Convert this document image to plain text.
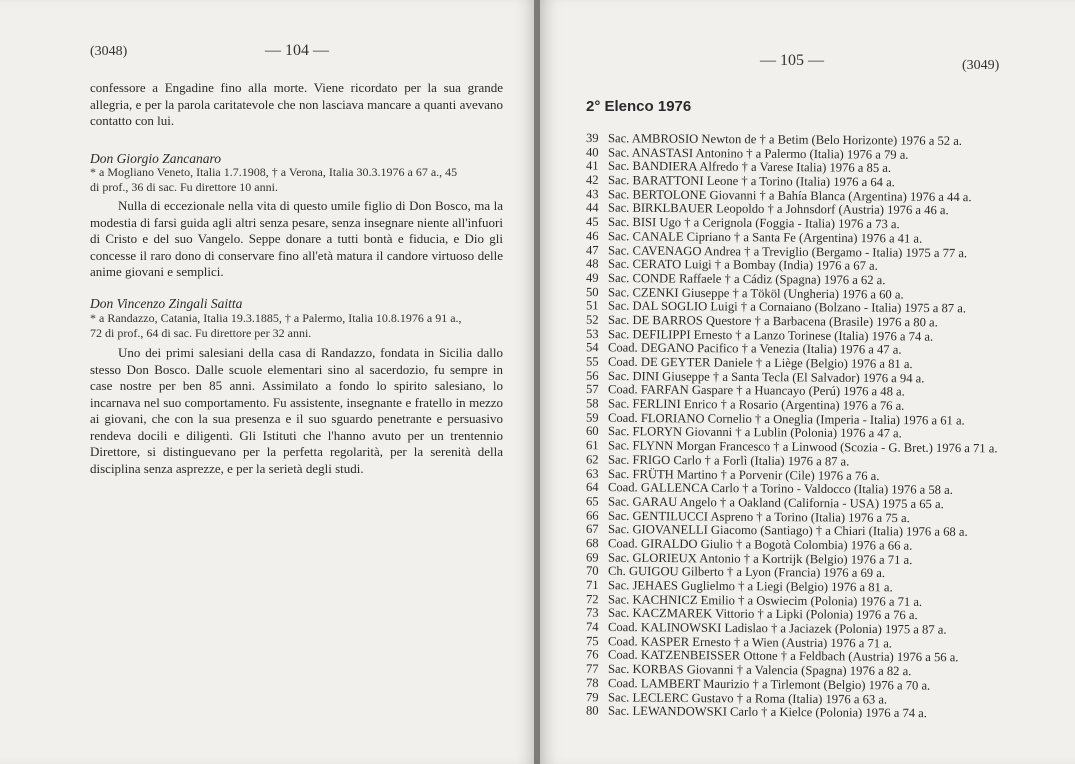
(3048)	— 104 —

confessore a Engadine fino alla morte. Viene ricordato per la sua grande allegria, e per la parola caritatevole che non lasciava mancare a quanti avevano contatto con lui.

Don Giorgio Zancanaro
* a Mogliano Veneto, Italia 1.7.1908, † a Verona, Italia 30.3.1976 a 67 a., 45
di prof., 36 di sac. Fu direttore 10 anni.

Nulla di eccezionale nella vita di questo umile figlio di Don Bosco, ma la modestia di farsi guida agli altri senza pesare, senza insegnare niente all'infuori di Cristo e del suo Vangelo. Seppe donare a tutti bontà e fiducia, e Dio gli concesse il raro dono di conservare fino all'età matura il candore virtuoso delle anime giovani e semplici.

Don Vincenzo Zingali Saitta
* a Randazzo, Catania, Italia 19.3.1885, † a Palermo, Italia 10.8.1976 a 91 a.,
72 di prof., 64 di sac. Fu direttore per 32 anni.

Uno dei primi salesiani della casa di Randazzo, fondata in Sicilia dallo stesso Don Bosco. Dalle scuole elementari sino al sacerdozio, fu sempre in case nostre per ben 85 anni. Assimilato a fondo lo spirito salesiano, lo incarnava nel suo comportamento. Fu assistente, insegnante e fratello in mezzo ai giovani, che con la sua presenza e il suo sguardo penetrante e persuasivo rendeva docili e diligenti. Gli Istituti che l'hanno avuto per un trentennio Direttore, si distinguevano per la perfetta regolarità, per la serenità della disciplina senza asprezze, e per la serietà degli studi.

— 105 —	(3049)
2° Elenco 1976
39 Sac. AMBROSIO Newton de † a Betim (Belo Horizonte) 1976 a 52 a.
40 Sac. ANASTASI Antonino † a Palermo (Italia) 1976 a 79 a.
41 Sac. BANDIERA Alfredo † a Varese Italia) 1976 a 85 a.
42 Sac. BARATTONI Leone † a Torino (Italia) 1976 a 64 a.
43 Sac. BERTOLONE Giovanni † a Bahía Blanca (Argentina) 1976 a 44 a.
44 Sac. BIRKLBAUER Leopoldo † a Johnsdorf (Austria) 1976 a 46 a.
45 Sac. BISI Ugo † a Cerignola (Foggia - Italia) 1976 a 73 a.
46 Sac. CANALE Cipriano † a Santa Fe (Argentina) 1976 a 41 a.
47 Sac. CAVENAGO Andrea † a Treviglio (Bergamo - Italia) 1975 a 77 a.
48 Sac. CERATO Luigi † a Bombay (India) 1976 a 67 a.
49 Sac. CONDE Raffaele † a Cádiz (Spagna) 1976 a 62 a.
50 Sac. CZENKI Giuseppe † a Tököl (Ungheria) 1976 a 60 a.
51 Sac. DAL SOGLIO Luigi † a Cornaiano (Bolzano - Italia) 1975 a 87 a.
52 Sac. DE BARROS Questore † a Barbacena (Brasile) 1976 a 80 a.
53 Sac. DEFILIPPI Ernesto † a Lanzo Torinese (Italia) 1976 a 74 a.
54 Coad. DEGANO Pacifico † a Venezia (Italia) 1976 a 47 a.
55 Coad. DE GEYTER Daniele † a Liège (Belgio) 1976 a 81 a.
56 Sac. DINI Giuseppe † a Santa Tecla (El Salvador) 1976 a 94 a.
57 Coad. FARFAN Gaspare † a Huancayo (Perú) 1976 a 48 a.
58 Sac. FERLINI Enrico † a Rosario (Argentina) 1976 a 76 a.
59 Coad. FLORIANO Cornelio † a Oneglia (Imperia - Italia) 1976 a 61 a.
60 Sac. FLORYN Giovanni † a Lublin (Polonia) 1976 a 47 a.
61 Sac. FLYNN Morgan Francesco † a Linwood (Scozia - G. Bret.) 1976 a 71 a.
62 Sac. FRIGO Carlo † a Forlì (Italia) 1976 a 87 a.
63 Sac. FRÜTH Martino † a Porvenir (Cile) 1976 a 76 a.
64 Coad. GALLENCA Carlo † a Torino - Valdocco (Italia) 1976 a 58 a.
65 Sac. GARAU Angelo † a Oakland (California - USA) 1975 a 65 a.
66 Sac. GENTILUCCI Aspreno † a Torino (Italia) 1976 a 75 a.
67 Sac. GIOVANELLI Giacomo (Santiago) † a Chiari (Italia) 1976 a 68 a.
68 Coad. GIRALDO Giulio † a Bogotà Colombia) 1976 a 66 a.
69 Sac. GLORIEUX Antonio † a Kortrijk (Belgio) 1976 a 71 a.
70 Ch. GUIGOU Gilberto † a Lyon (Francia) 1976 a 69 a.
71 Sac. JEHAES Guglielmo † a Liegi (Belgio) 1976 a 81 a.
72 Sac. KACHNICZ Emilio † a Oswiecim (Polonia) 1976 a 71 a.
73 Sac. KACZMAREK Vittorio † a Lipki (Polonia) 1976 a 76 a.
74 Coad. KALINOWSKI Ladislao † a Jaciazek (Polonia) 1975 a 87 a.
75 Coad. KASPER Ernesto † a Wien (Austria) 1976 a 71 a.
76 Coad. KATZENBEISSER Ottone † a Feldbach (Austria) 1976 a 56 a.
77 Sac. KORBAS Giovanni † a Valencia (Spagna) 1976 a 82 a.
78 Coad. LAMBERT Maurizio † a Tirlemont (Belgio) 1976 a 70 a.
79 Sac. LECLERC Gustavo † a Roma (Italia) 1976 a 63 a.
80 Sac. LEWANDOWSKI Carlo † a Kielce (Polonia) 1976 a 74 a.
